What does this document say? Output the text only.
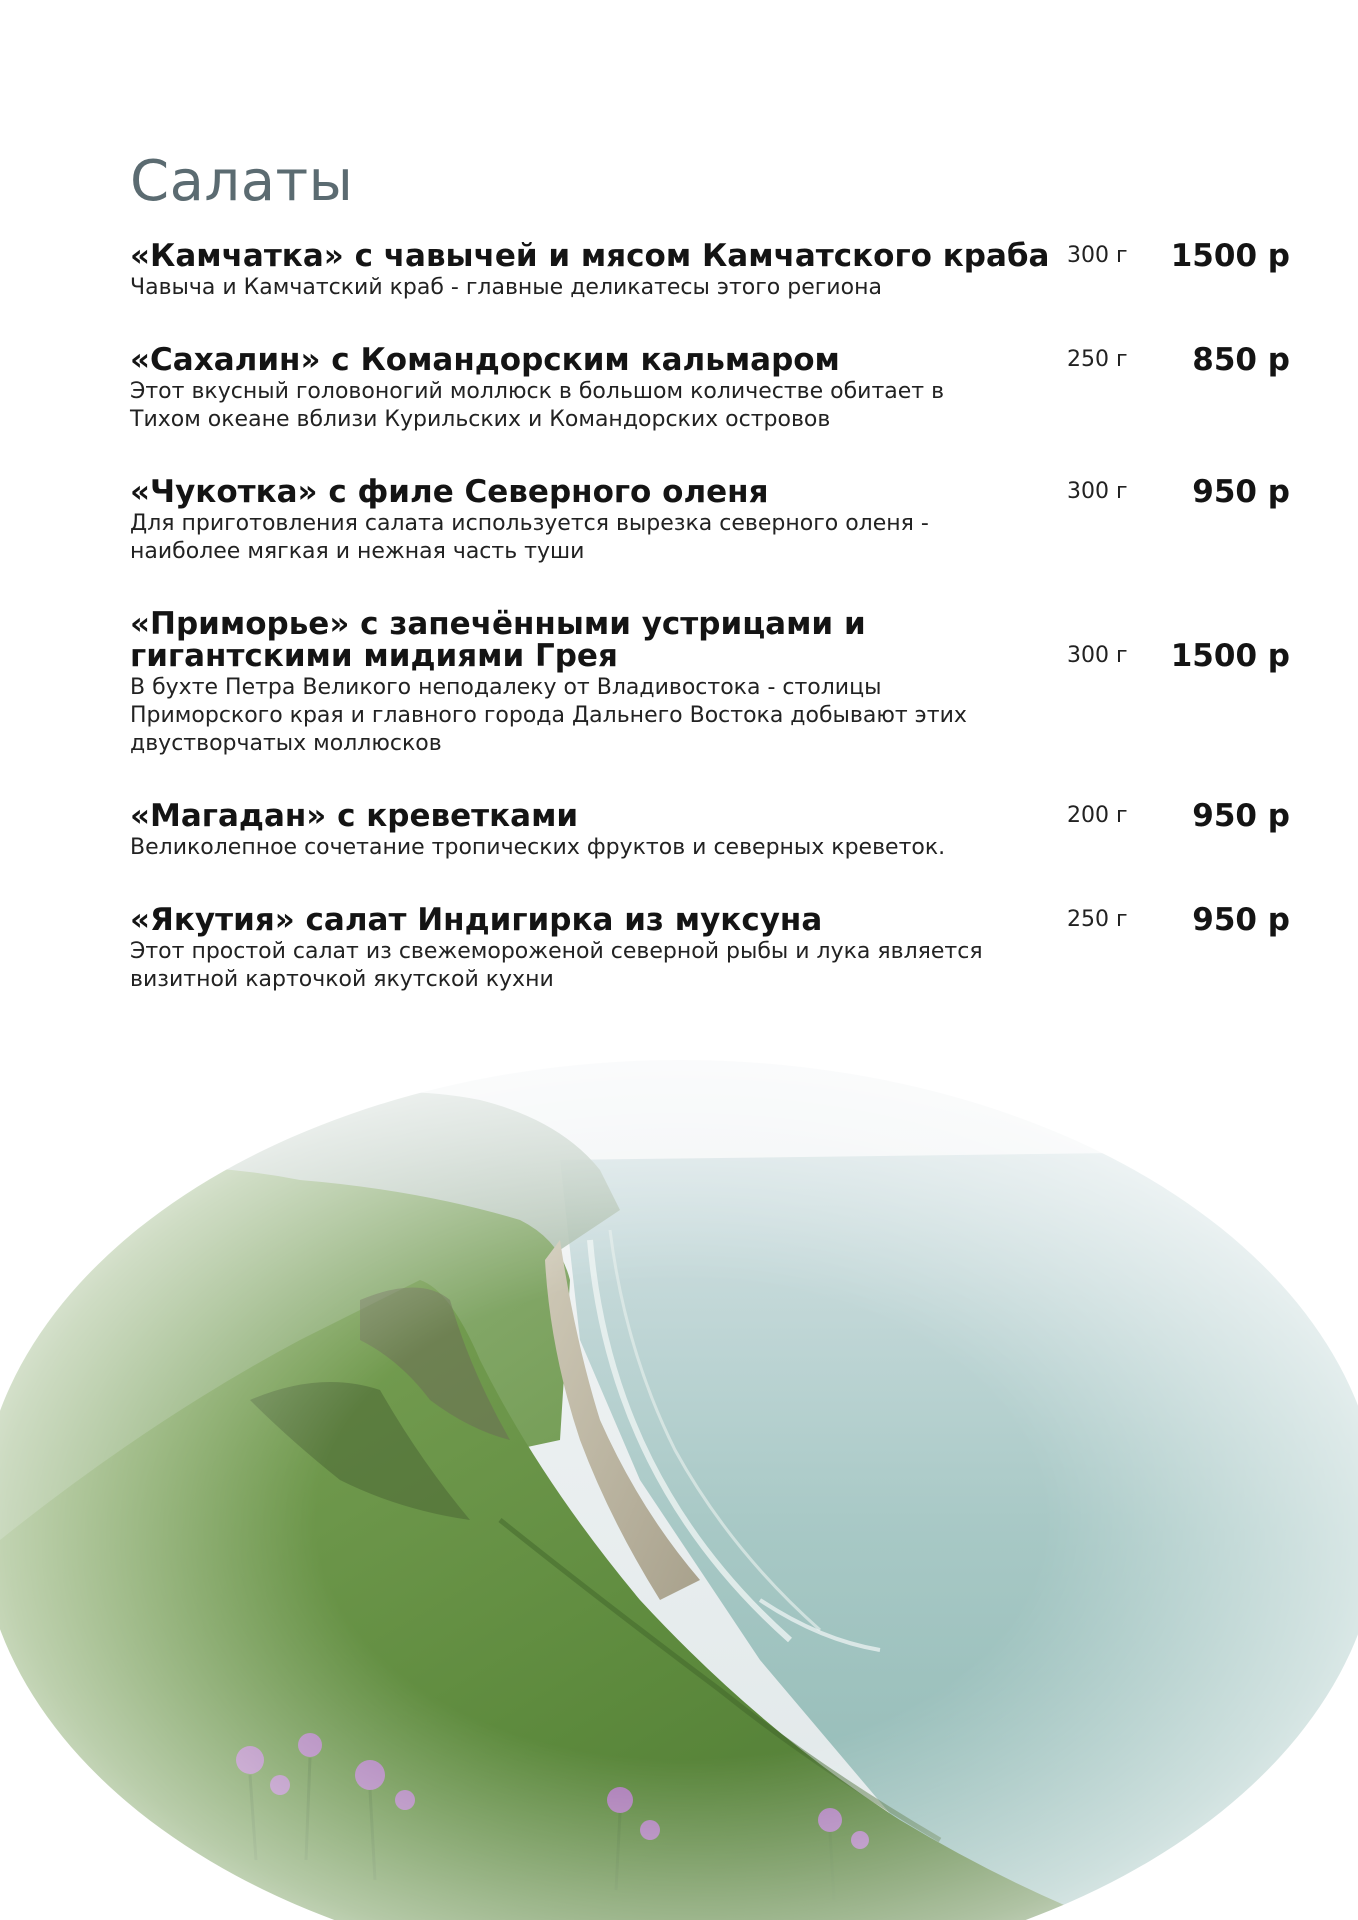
Салаты
«Камчатка» с чавычей и мясом Камчатского краба
Чавыча и Камчатский краб - главные деликатесы этого региона
300 г	1500 р
«Сахалин» с Командорским кальмаром
Этот вкусный головоногий моллюск в большом количестве обитает в
Тихом океане вблизи Курильских и Командорских островов
250 г	850 р
«Чукотка» с филе Северного оленя
Для приготовления салата используется вырезка северного оленя -
наиболее мягкая и нежная часть туши
300 г	950 р
«Приморье» с запечёнными устрицами и
гигантскими мидиями Грея
В бухте Петра Великого неподалеку от Владивостока - столицы
Приморского края и главного города Дальнего Востока добывают этих
двустворчатых моллюсков
300 г	1500 р
«Магадан» с креветками
Великолепное сочетание тропических фруктов и северных креветок.
200 г	950 р
«Якутия» салат Индигирка из муксуна
Этот простой салат из свежемороженой северной рыбы и лука является
визитной карточкой якутской кухни
250 г	950 р
